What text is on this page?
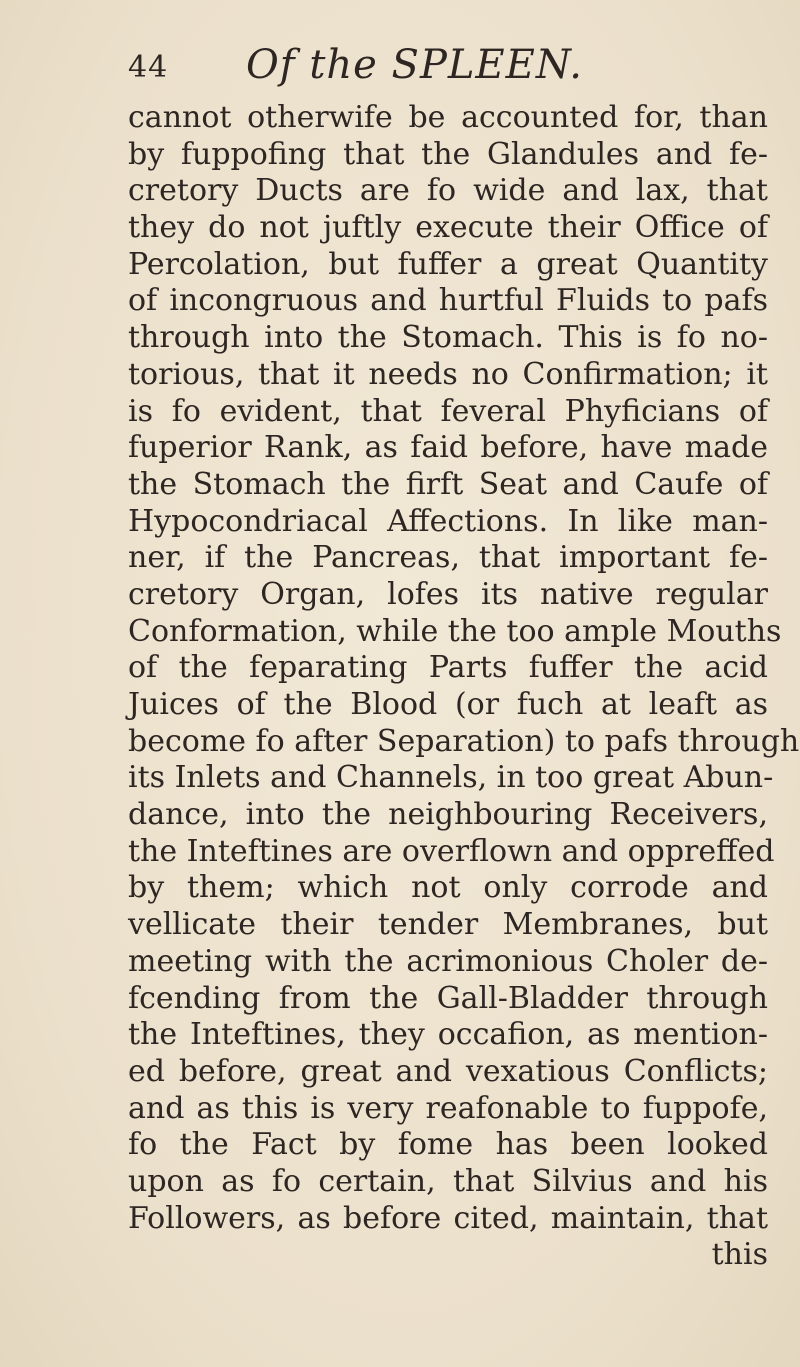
44 Of the SPLEEN.
cannot otherwife be accounted for, than
by fuppofing that the Glandules and fe-
cretory Ducts are fo wide and lax, that
they do not juftly execute their Office of
Percolation, but fuffer a great Quantity
of incongruous and hurtful Fluids to pafs
through into the Stomach. This is fo no-
torious, that it needs no Confirmation; it
is fo evident, that feveral Phyficians of
fuperior Rank, as faid before, have made
the Stomach the firft Seat and Caufe of
Hypocondriacal Affections. In like man-
ner, if the Pancreas, that important fe-
cretory Organ, lofes its native regular
Conformation, while the too ample Mouths
of the feparating Parts fuffer the acid
Juices of the Blood (or fuch at leaft as
become fo after Separation) to pafs through
its Inlets and Channels, in too great Abun-
dance, into the neighbouring Receivers,
the Inteftines are overflown and oppreffed
by them; which not only corrode and
vellicate their tender Membranes, but
meeting with the acrimonious Choler de-
fcending from the Gall-Bladder through
the Inteftines, they occafion, as mention-
ed before, great and vexatious Conflicts;
and as this is very reafonable to fuppofe,
fo the Fact by fome has been looked
upon as fo certain, that Silvius and his
Followers, as before cited, maintain, that
this
